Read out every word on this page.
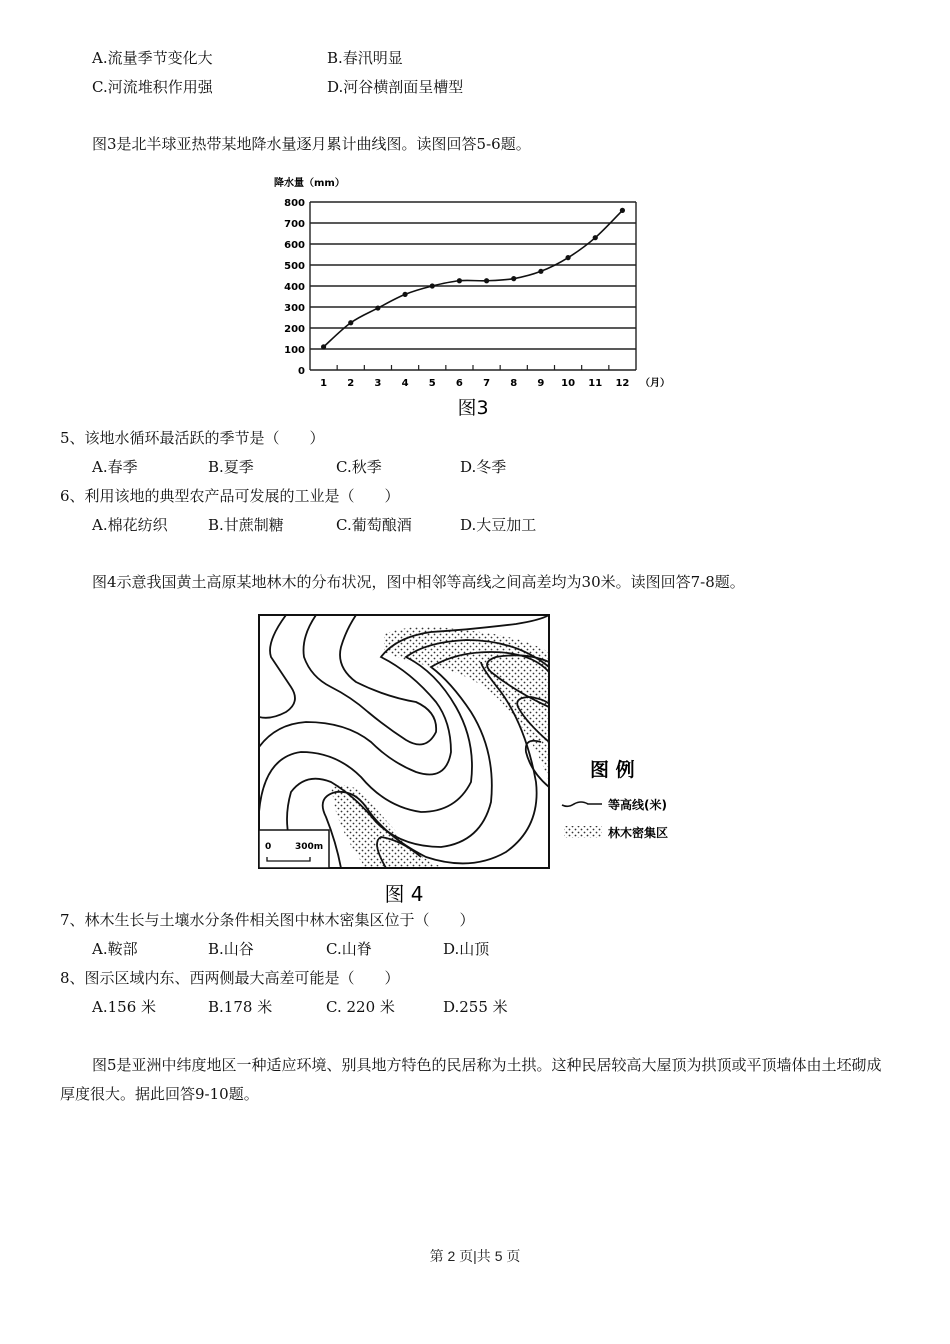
A.流量季节变化大	B.春汛明显
C.河流堆积作用强	D.河谷横剖面呈槽型
图3是北半球亚热带某地降水量逐月累计曲线图。读图回答5-6题。
降水量（mm）
0
100
200
300
400
500
600
700
800
1 2 3 4 5 6 7 8 9 10 11 12 （月）
图3
5、该地水循环最活跃的季节是（　　）
A.春季	B.夏季	C.秋季	D.冬季
6、利用该地的典型农产品可发展的工业是（　　）
A.棉花纺织	B.甘蔗制糖	C.葡萄酿酒	D.大豆加工
图4示意我国黄土高原某地林木的分布状况，图中相邻等高线之间高差均为30米。读图回答7-8题。
0	300m
图 例
等高线(米)
林木密集区
图 4
7、林木生长与土壤水分条件相关图中林木密集区位于（　　）
A.鞍部	B.山谷	C.山脊	D.山顶
8、图示区域内东、西两侧最大高差可能是（　　）
A.156 米	B.178 米	C. 220 米	D.255 米
图5是亚洲中纬度地区一种适应环境、别具地方特色的民居称为土拱。这种民居较高大屋顶为拱顶或平顶墙体由土坯砌成厚度很大。据此回答9-10题。
第 2 页|共 5 页
